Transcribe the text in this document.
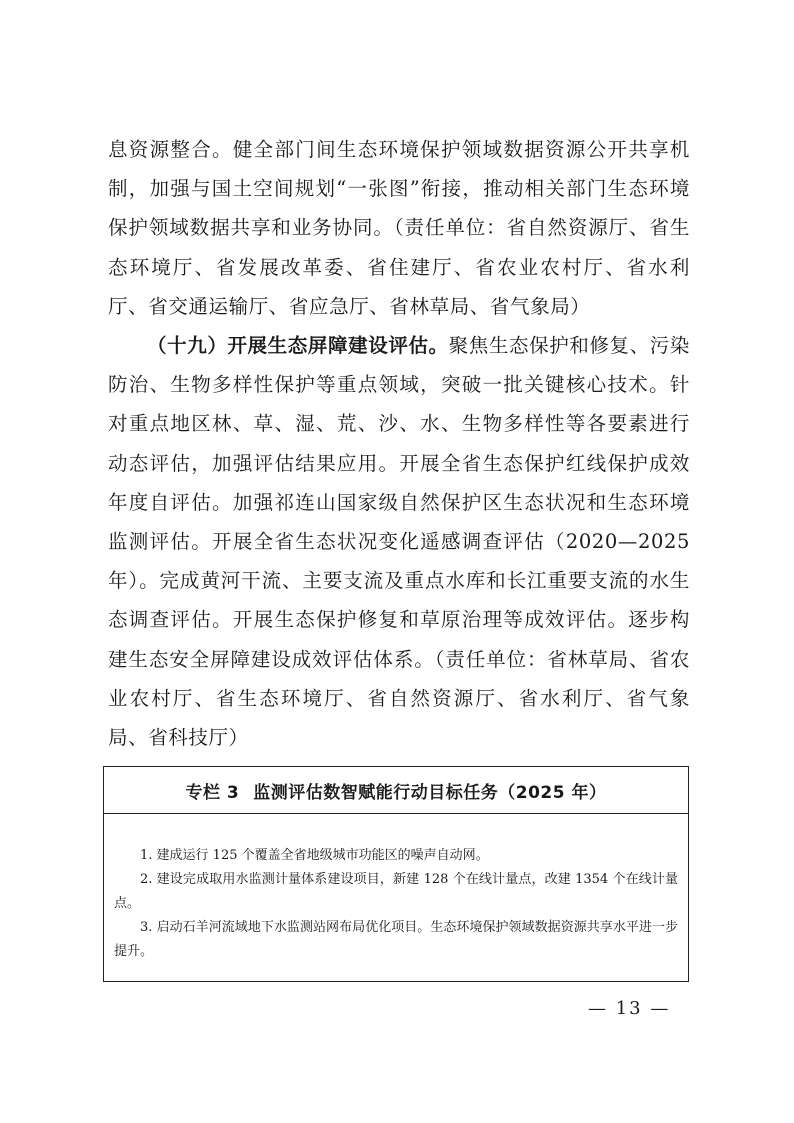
息资源整合。健全部门间生态环境保护领域数据资源公开共享机制，加强与国土空间规划“一张图”衔接，推动相关部门生态环境保护领域数据共享和业务协同。（责任单位：省自然资源厅、省生态环境厅、省发展改革委、省住建厅、省农业农村厅、省水利厅、省交通运输厅、省应急厅、省林草局、省气象局）

（十九）开展生态屏障建设评估。聚焦生态保护和修复、污染防治、生物多样性保护等重点领域，突破一批关键核心技术。针对重点地区林、草、湿、荒、沙、水、生物多样性等各要素进行动态评估，加强评估结果应用。开展全省生态保护红线保护成效年度自评估。加强祁连山国家级自然保护区生态状况和生态环境监测评估。开展全省生态状况变化遥感调查评估（2020—2025年）。完成黄河干流、主要支流及重点水库和长江重要支流的水生态调查评估。开展生态保护修复和草原治理等成效评估。逐步构建生态安全屏障建设成效评估体系。（责任单位：省林草局、省农业农村厅、省生态环境厅、省自然资源厅、省水利厅、省气象局、省科技厅）

专栏 3 监测评估数智赋能行动目标任务（2025 年）

1. 建成运行 125 个覆盖全省地级城市功能区的噪声自动网。

2. 建设完成取用水监测计量体系建设项目，新建 128 个在线计量点，改建 1354 个在线计量点。

3. 启动石羊河流域地下水监测站网布局优化项目。生态环境保护领域数据资源共享水平进一步提升。

— 13 —
